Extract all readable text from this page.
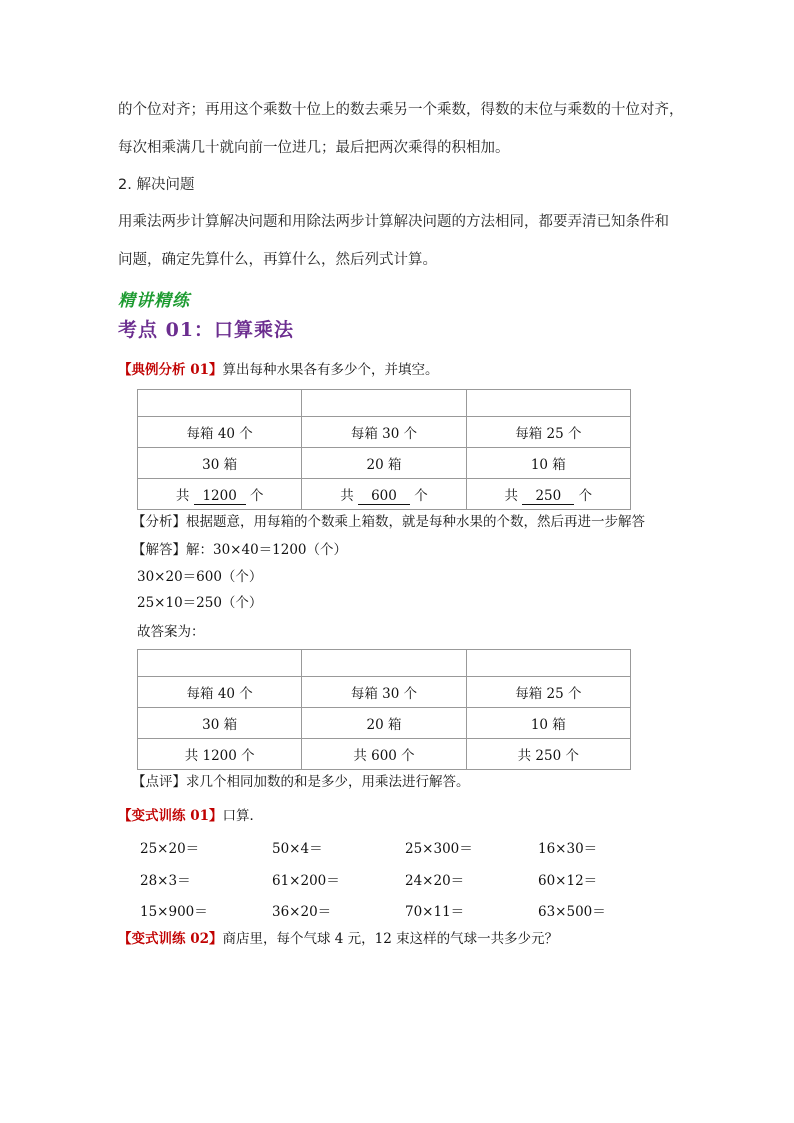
的个位对齐；再用这个乘数十位上的数去乘另一个乘数，得数的末位与乘数的十位对齐，
每次相乘满几十就向前一位进几；最后把两次乘得的积相加。
2. 解决问题
用乘法两步计算解决问题和用除法两步计算解决问题的方法相同，都要弄清已知条件和
问题，确定先算什么，再算什么，然后列式计算。
精讲精练
考点 01：口算乘法
【典例分析 01】算出每种水果各有多少个，并填空。

每箱 40 个	每箱 30 个	每箱 25 个
30 箱	20 箱	10 箱
共 1200 个	共 600 个	共 250 个
【分析】根据题意，用每箱的个数乘上箱数，就是每种水果的个数，然后再进一步解答
【解答】解：30×40＝1200（个）
30×20＝600（个）
25×10＝250（个）
故答案为：

每箱 40 个	每箱 30 个	每箱 25 个
30 箱	20 箱	10 箱
共 1200 个	共 600 个	共 250 个
【点评】求几个相同加数的和是多少，用乘法进行解答。
【变式训练 01】口算．
25×20＝	50×4＝	25×300＝	16×30＝
28×3＝	61×200＝	24×20＝	60×12＝
15×900＝	36×20＝	70×11＝	63×500＝
【变式训练 02】商店里，每个气球 4 元，12 束这样的气球一共多少元？
